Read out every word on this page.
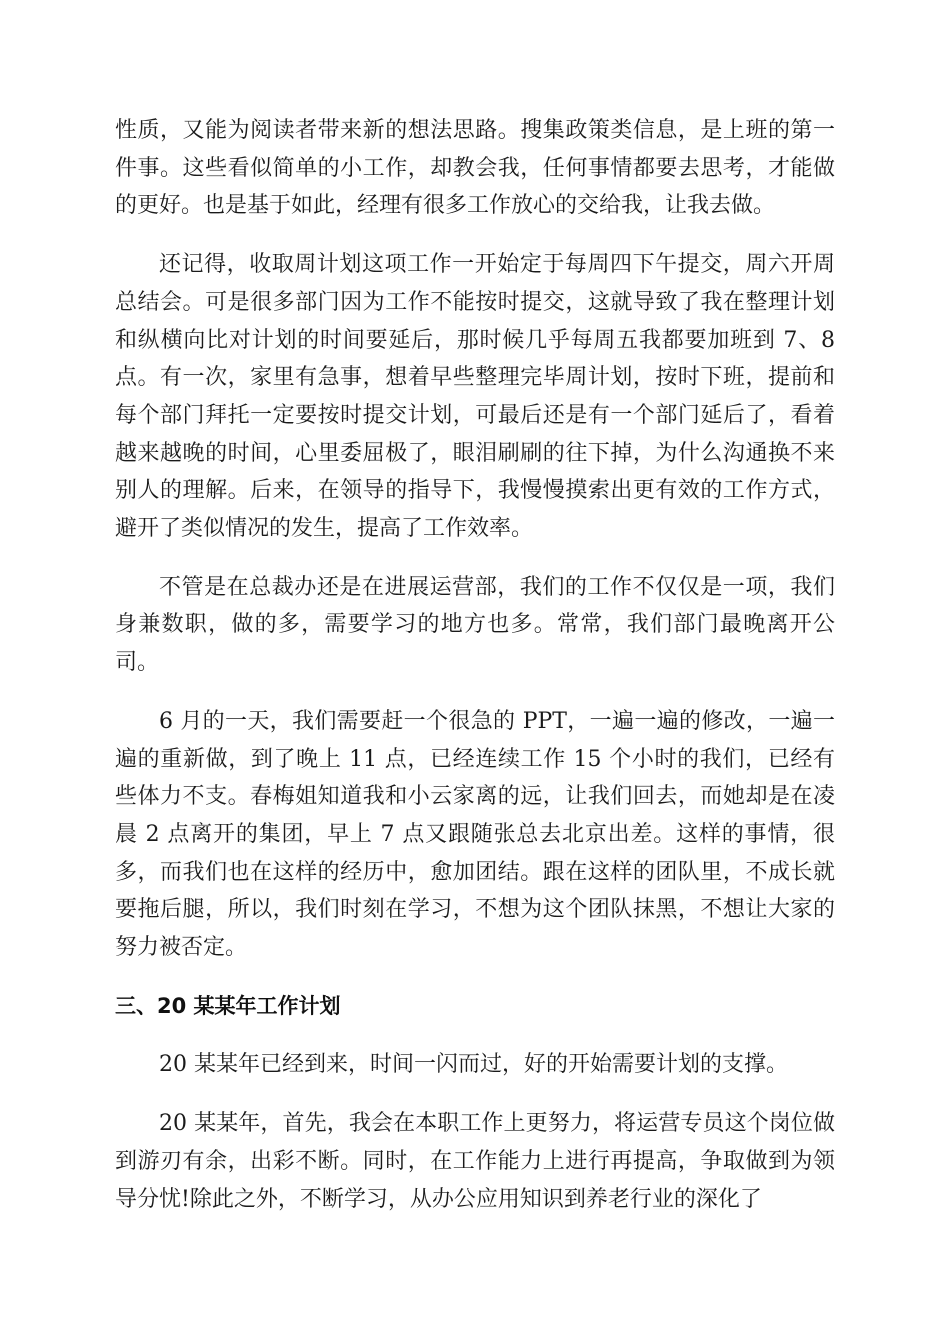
性质，又能为阅读者带来新的想法思路。搜集政策类信息，是上班的第一件事。这些看似简单的小工作，却教会我，任何事情都要去思考，才能做的更好。也是基于如此，经理有很多工作放心的交给我，让我去做。

还记得，收取周计划这项工作一开始定于每周四下午提交，周六开周总结会。可是很多部门因为工作不能按时提交，这就导致了我在整理计划和纵横向比对计划的时间要延后，那时候几乎每周五我都要加班到 7、8 点。有一次，家里有急事，想着早些整理完毕周计划，按时下班，提前和每个部门拜托一定要按时提交计划，可最后还是有一个部门延后了，看着越来越晚的时间，心里委屈极了，眼泪刷刷的往下掉，为什么沟通换不来别人的理解。后来，在领导的指导下，我慢慢摸索出更有效的工作方式，避开了类似情况的发生，提高了工作效率。

不管是在总裁办还是在进展运营部，我们的工作不仅仅是一项，我们身兼数职，做的多，需要学习的地方也多。常常，我们部门最晚离开公司。

6 月的一天，我们需要赶一个很急的 PPT，一遍一遍的修改，一遍一遍的重新做，到了晚上 11 点，已经连续工作 15 个小时的我们，已经有些体力不支。春梅姐知道我和小云家离的远，让我们回去，而她却是在凌晨 2 点离开的集团，早上 7 点又跟随张总去北京出差。这样的事情，很多，而我们也在这样的经历中，愈加团结。跟在这样的团队里，不成长就要拖后腿，所以，我们时刻在学习，不想为这个团队抹黑，不想让大家的努力被否定。

三、20 某某年工作计划

20 某某年已经到来，时间一闪而过，好的开始需要计划的支撑。

20 某某年，首先，我会在本职工作上更努力，将运营专员这个岗位做到游刃有余，出彩不断。同时，在工作能力上进行再提高，争取做到为领导分忧!除此之外，不断学习，从办公应用知识到养老行业的深化了
